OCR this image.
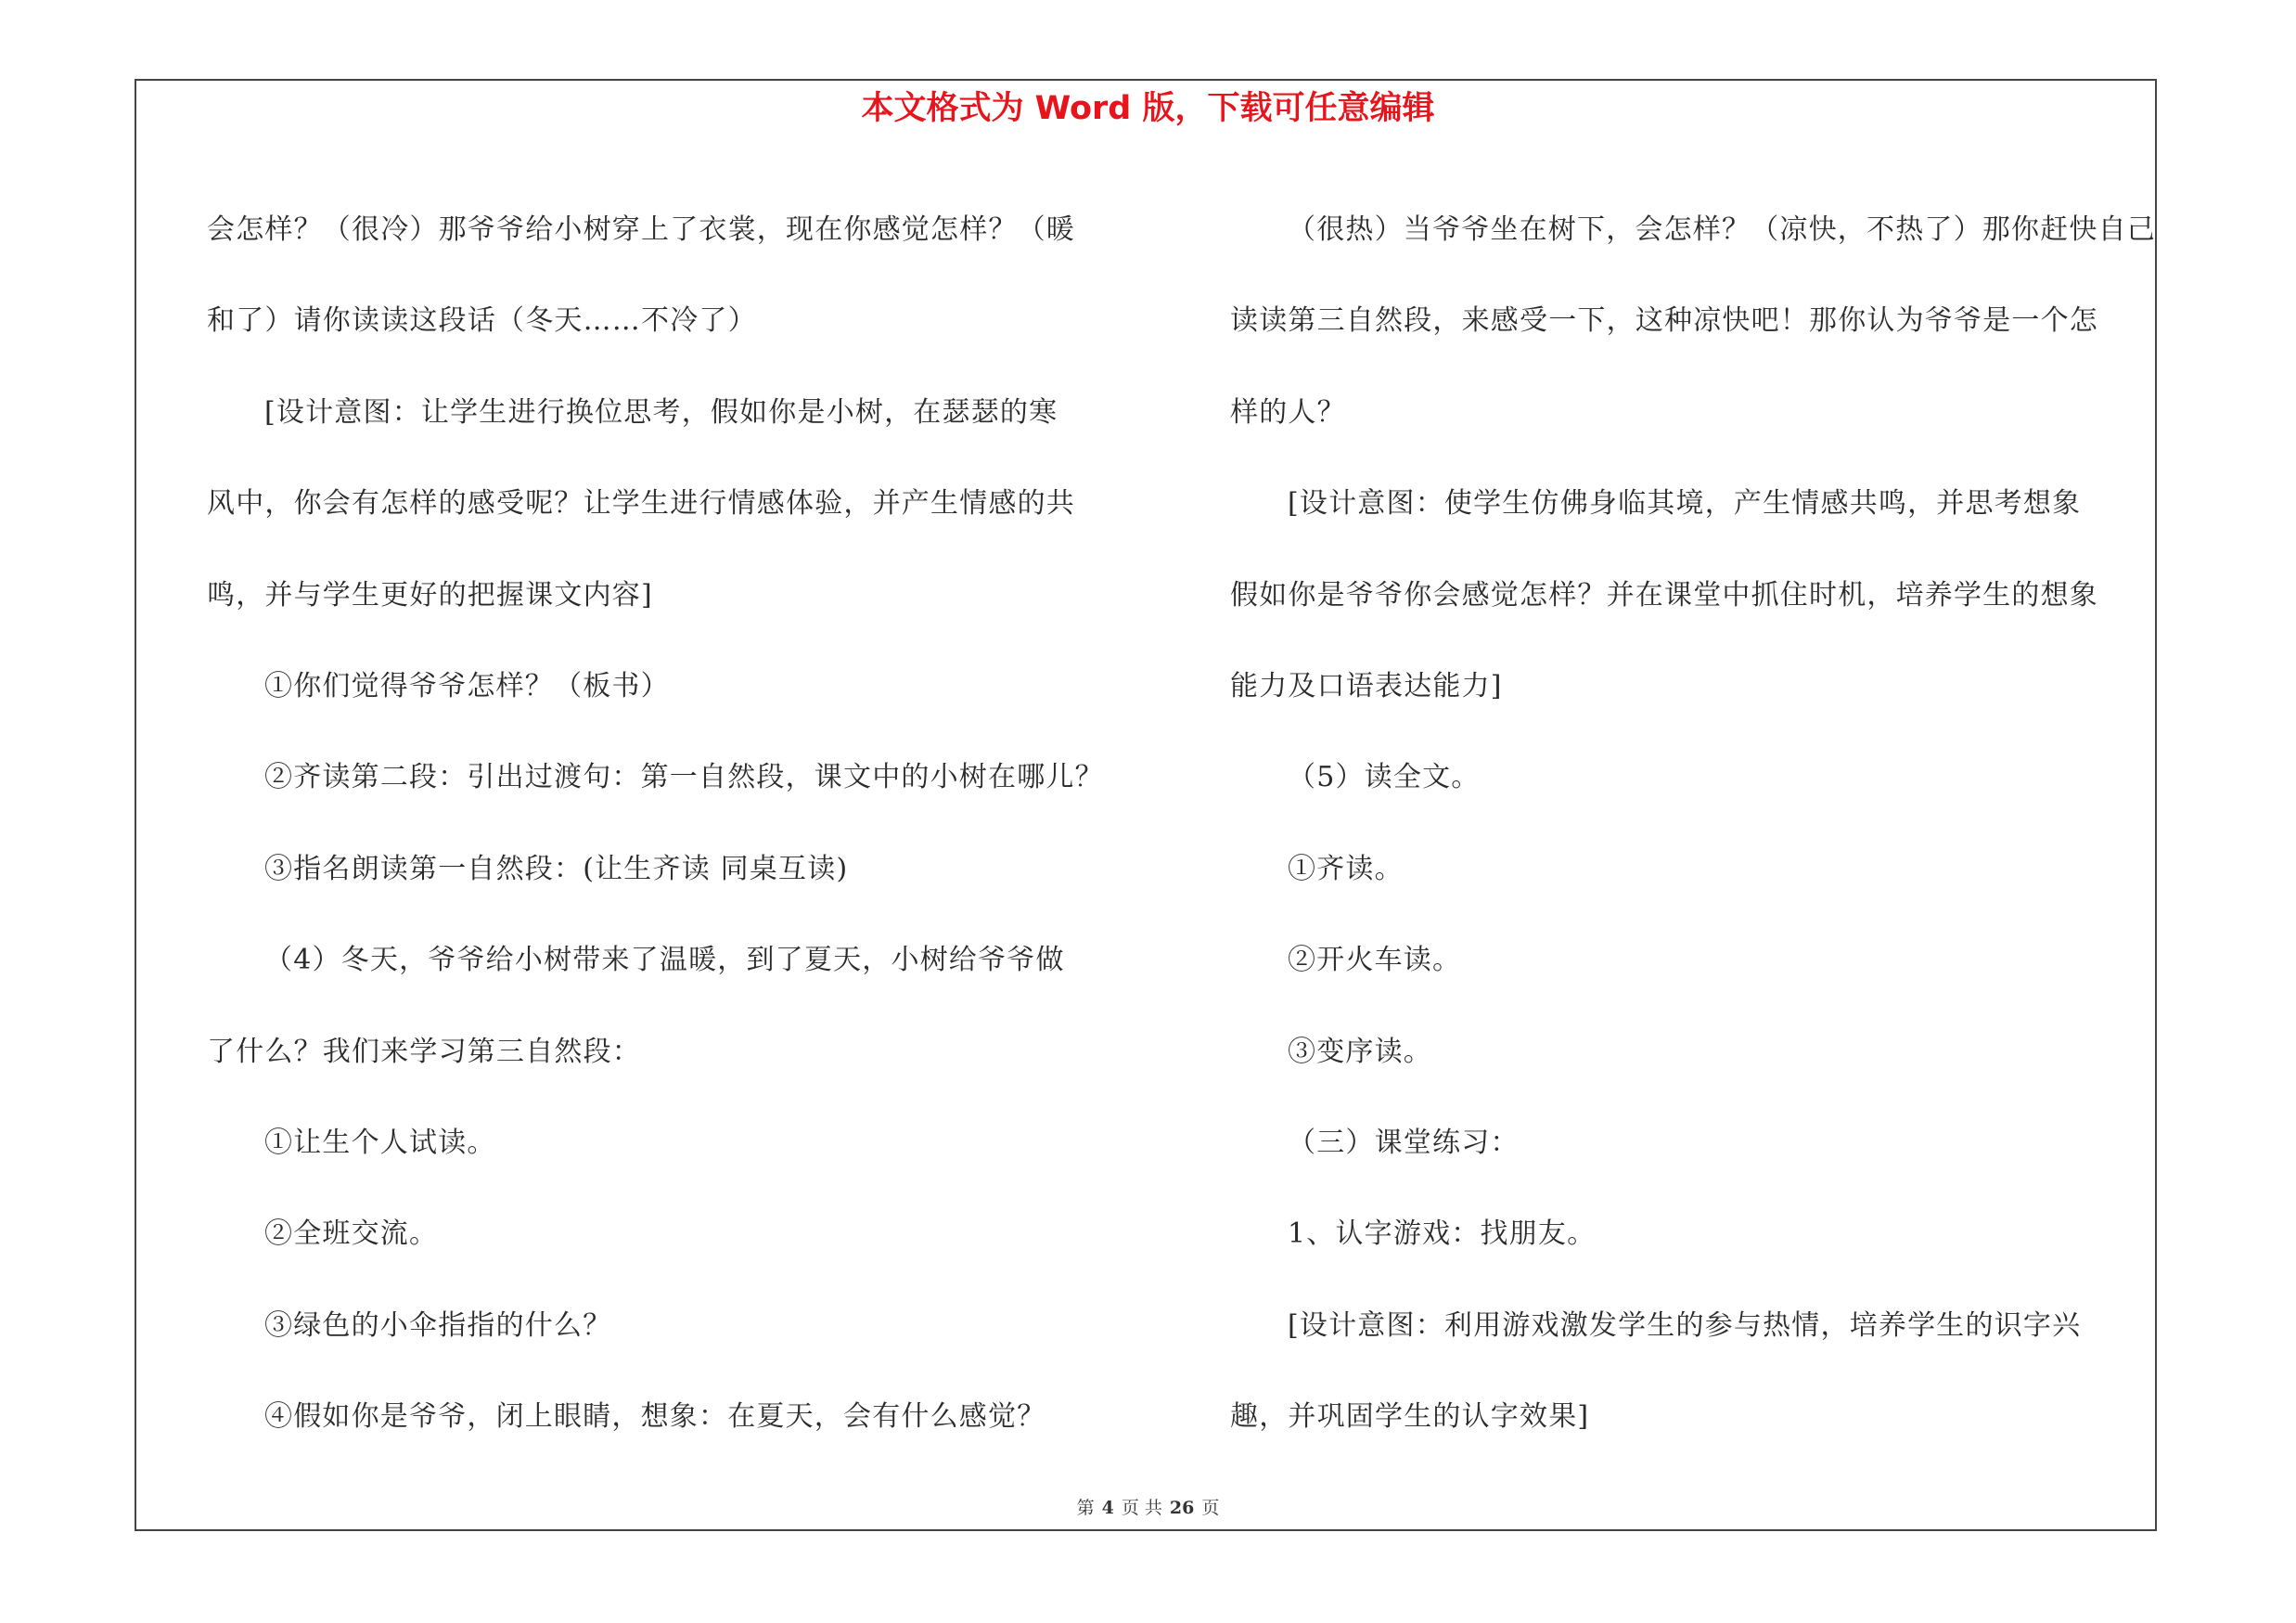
本文格式为 Word 版，下载可任意编辑

会怎样？（很冷）那爷爷给小树穿上了衣裳，现在你感觉怎样？（暖

和了）请你读读这段话（冬天……不冷了）

[设计意图：让学生进行换位思考，假如你是小树，在瑟瑟的寒

风中，你会有怎样的感受呢？让学生进行情感体验，并产生情感的共

鸣，并与学生更好的把握课文内容]

①你们觉得爷爷怎样？（板书）

②齐读第二段：引出过渡句：第一自然段，课文中的小树在哪儿？

③指名朗读第一自然段：(让生齐读 同桌互读)

（4）冬天，爷爷给小树带来了温暖，到了夏天，小树给爷爷做

了什么？我们来学习第三自然段：

①让生个人试读。

②全班交流。

③绿色的小伞指指的什么？

④假如你是爷爷，闭上眼睛，想象：在夏天，会有什么感觉？

（很热）当爷爷坐在树下，会怎样？（凉快，不热了）那你赶快自己

读读第三自然段，来感受一下，这种凉快吧！那你认为爷爷是一个怎

样的人？

[设计意图：使学生仿佛身临其境，产生情感共鸣，并思考想象

假如你是爷爷你会感觉怎样？并在课堂中抓住时机，培养学生的想象

能力及口语表达能力]

（5）读全文。

①齐读。

②开火车读。

③变序读。

（三）课堂练习：

1、认字游戏：找朋友。

[设计意图：利用游戏激发学生的参与热情，培养学生的识字兴

趣，并巩固学生的认字效果]

第 4 页 共 26 页
